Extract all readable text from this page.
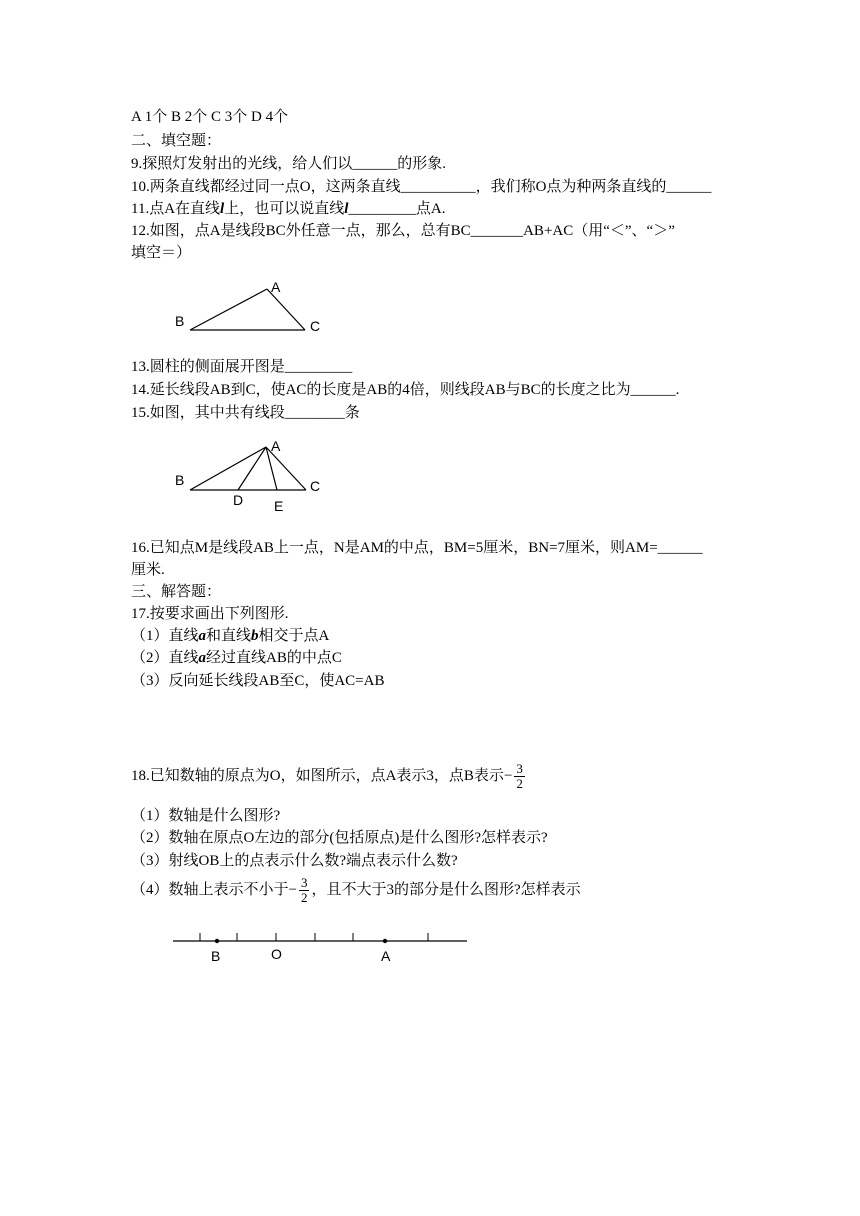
A 1个 B 2个 C 3个 D 4个
二、填空题：
9.探照灯发射出的光线，给人们以______的形象.
10.两条直线都经过同一点O，这两条直线__________，我们称O点为种两条直线的______
11.点A在直线l上，也可以说直线l_________点A.
12.如图，点A是线段BC外任意一点，那么，总有BC_______AB+AC（用“＜”、“＞”
填空＝）
A
B	C
13.圆柱的侧面展开图是_________
14.延长线段AB到C，使AC的长度是AB的4倍，则线段AB与BC的长度之比为______.
15.如图，其中共有线段________条
A
B	C
D E
16.已知点M是线段AB上一点，N是AM的中点，BM=5厘米，BN=7厘米，则AM=______
厘米.
三、解答题：
17.按要求画出下列图形.
（1）直线a和直线b相交于点A
（2）直线a经过直线AB的中点C
（3）反向延长线段AB至C，使AC=AB
18.已知数轴的原点为O，如图所示，点A表示3，点B表示− $\frac{3}{2}$
（1）数轴是什么图形?
（2）数轴在原点O左边的部分(包括原点)是什么图形?怎样表示?
（3）射线OB上的点表示什么数?端点表示什么数?
（4）数轴上表示不小于− $\frac{3}{2}$ ，且不大于3的部分是什么图形?怎样表示
B	O	A
